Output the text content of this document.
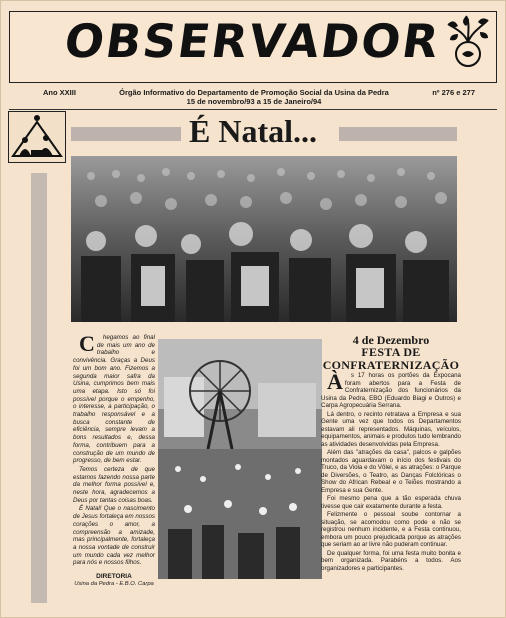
OBSERVADOR
Ano XXIII	Órgão Informativo do Departamento de Promoção Social da Usina da Pedra
15 de novembro/93 a 15 de Janeiro/94
nº 276 e 277
É Natal...

C hegamos ao final de mais um ano de trabalho e convivência. Graças a Deus foi um bom ano. Fizemos a segunda maior safra da Usina, cumprimos bem mais uma etapa. Isto só foi possível porque o empenho, o interesse, a participação, o trabalho responsável e a busca constante de eficiência, sempre levam a bons resultados e, dessa forma, contribuem para a construção de um mundo de progresso, de bem estar.

Temos certeza de que estamos fazendo nossa parte da melhor forma possível e, neste hora, agradecemos a Deus por tantas coisas boas.

É Natal! Que o nascimento de Jesus fortaleça em nossos corações o amor, a compreensão a amizade, mas principalmente, fortaleça a nossa vontade de construir um mundo cada vez melhor para nós e nossos filhos.

DIRETORIA
Usina da Pedra - E.B.O. Carpa
4 de Dezembro
FESTA DE CONFRATERNIZAÇÃO

À s 17 horas os portões da Expocana foram abertos para a Festa de Confraternização dos funcionários da Usina da Pedra, EBO (Eduardo Biagi e Outros) e Carpa Agropecuária Serrana.

Lá dentro, o recinto retratava a Empresa e sua Gente uma vez que todos os Departamentos estavam ali representados. Máquinas, veículos, equipamentos, animais e produtos tudo lembrando as atividades desenvolvidas pela Empresa.

Além das "atrações da casa", palcos e galpões montados aguardavam o início dos festivais do Truco, da Viola e do Vôlei, e as atrações: o Parque de Diversões, o Teatro, as Danças Folclóricas o Show do African Rebeal e o Teiões mostrando a Empresa e sua Gente.

Foi mesmo pena que a tão esperada chuva tivesse que cair exatamente durante a festa.

Felizmente o pessoal soube contornar a situação, se acomodou como pode e não se registrou nenhum incidente, e a Festa continuou, embora um pouco prejudicada porque as atrações que seriam ao ar livre não puderam continuar.

De qualquer forma, foi uma festa muito bonita e bem organizada. Parabéns a todos. Aos organizadores e participantes.
